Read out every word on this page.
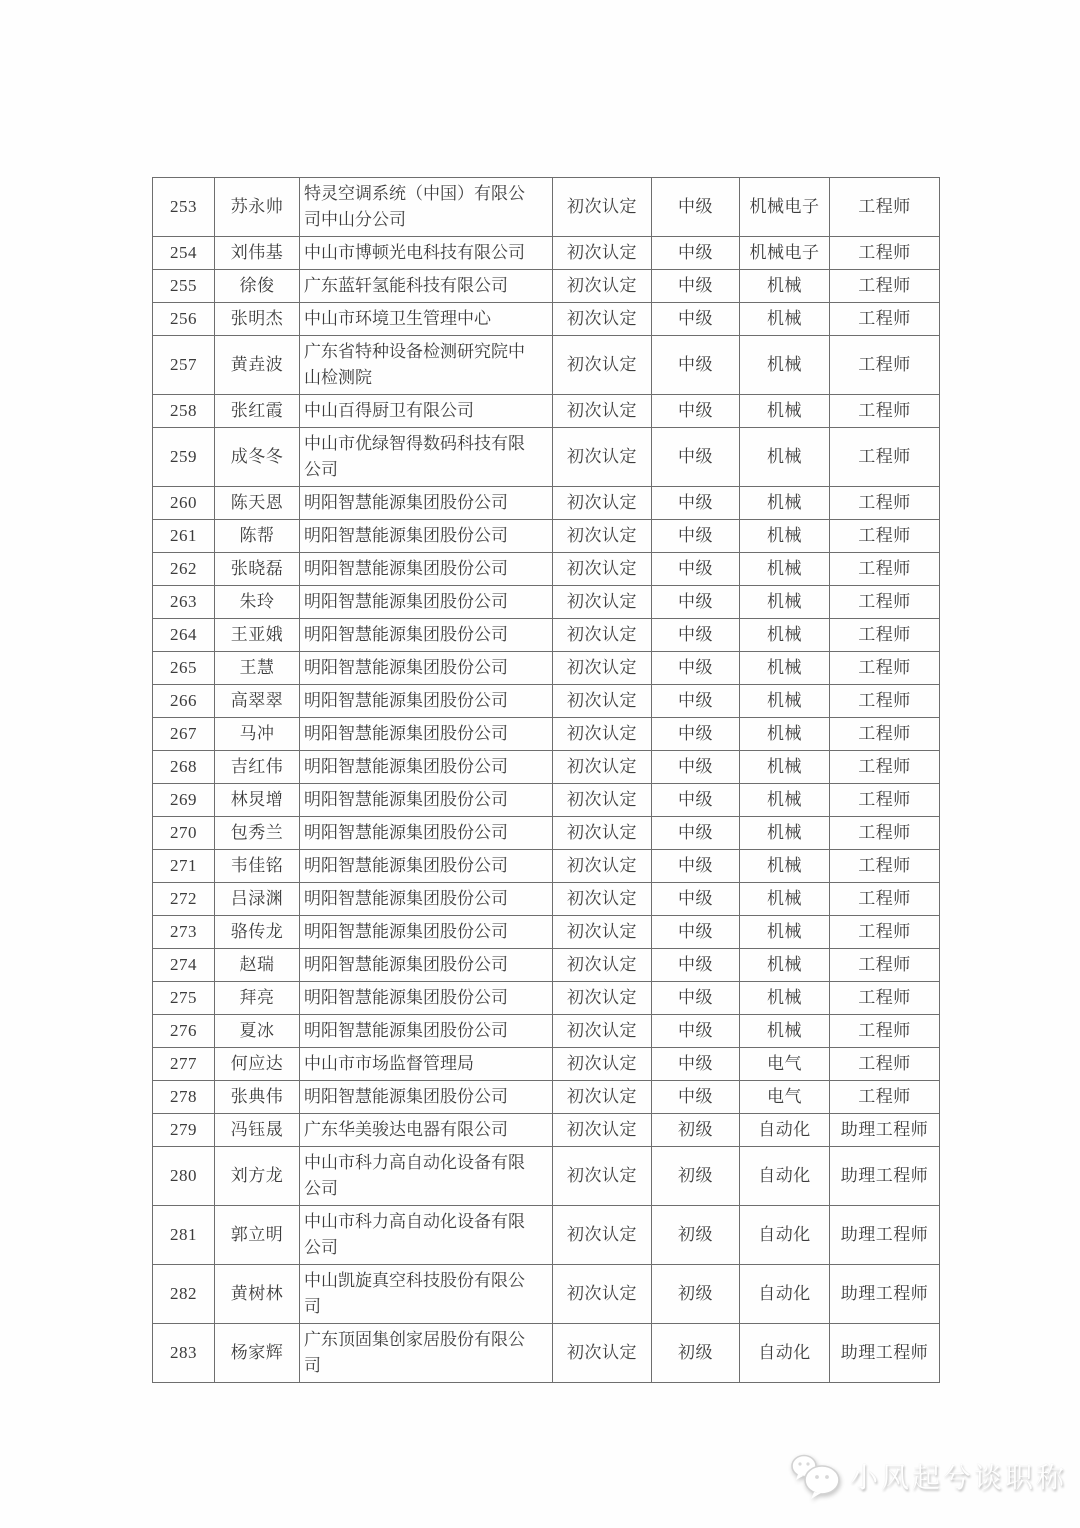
253	苏永帅	特灵空调系统（中国）有限公司中山分公司	初次认定	中级	机械电子	工程师
254	刘伟基	中山市博顿光电科技有限公司	初次认定	中级	机械电子	工程师
255	徐俊	广东蓝轩氢能科技有限公司	初次认定	中级	机械	工程师
256	张明杰	中山市环境卫生管理中心	初次认定	中级	机械	工程师
257	黄垚波	广东省特种设备检测研究院中山检测院	初次认定	中级	机械	工程师
258	张红霞	中山百得厨卫有限公司	初次认定	中级	机械	工程师
259	成冬冬	中山市优绿智得数码科技有限公司	初次认定	中级	机械	工程师
260	陈天恩	明阳智慧能源集团股份公司	初次认定	中级	机械	工程师
261	陈帮	明阳智慧能源集团股份公司	初次认定	中级	机械	工程师
262	张晓磊	明阳智慧能源集团股份公司	初次认定	中级	机械	工程师
263	朱玲	明阳智慧能源集团股份公司	初次认定	中级	机械	工程师
264	王亚娥	明阳智慧能源集团股份公司	初次认定	中级	机械	工程师
265	王慧	明阳智慧能源集团股份公司	初次认定	中级	机械	工程师
266	高翠翠	明阳智慧能源集团股份公司	初次认定	中级	机械	工程师
267	马冲	明阳智慧能源集团股份公司	初次认定	中级	机械	工程师
268	吉红伟	明阳智慧能源集团股份公司	初次认定	中级	机械	工程师
269	林炅增	明阳智慧能源集团股份公司	初次认定	中级	机械	工程师
270	包秀兰	明阳智慧能源集团股份公司	初次认定	中级	机械	工程师
271	韦佳铭	明阳智慧能源集团股份公司	初次认定	中级	机械	工程师
272	吕渌渊	明阳智慧能源集团股份公司	初次认定	中级	机械	工程师
273	骆传龙	明阳智慧能源集团股份公司	初次认定	中级	机械	工程师
274	赵瑞	明阳智慧能源集团股份公司	初次认定	中级	机械	工程师
275	拜亮	明阳智慧能源集团股份公司	初次认定	中级	机械	工程师
276	夏冰	明阳智慧能源集团股份公司	初次认定	中级	机械	工程师
277	何应达	中山市市场监督管理局	初次认定	中级	电气	工程师
278	张典伟	明阳智慧能源集团股份公司	初次认定	中级	电气	工程师
279	冯钰晟	广东华美骏达电器有限公司	初次认定	初级	自动化	助理工程师
280	刘方龙	中山市科力高自动化设备有限公司	初次认定	初级	自动化	助理工程师
281	郭立明	中山市科力高自动化设备有限公司	初次认定	初级	自动化	助理工程师
282	黄树林	中山凯旋真空科技股份有限公司	初次认定	初级	自动化	助理工程师
283	杨家辉	广东顶固集创家居股份有限公司	初次认定	初级	自动化	助理工程师
小风起兮谈职称
